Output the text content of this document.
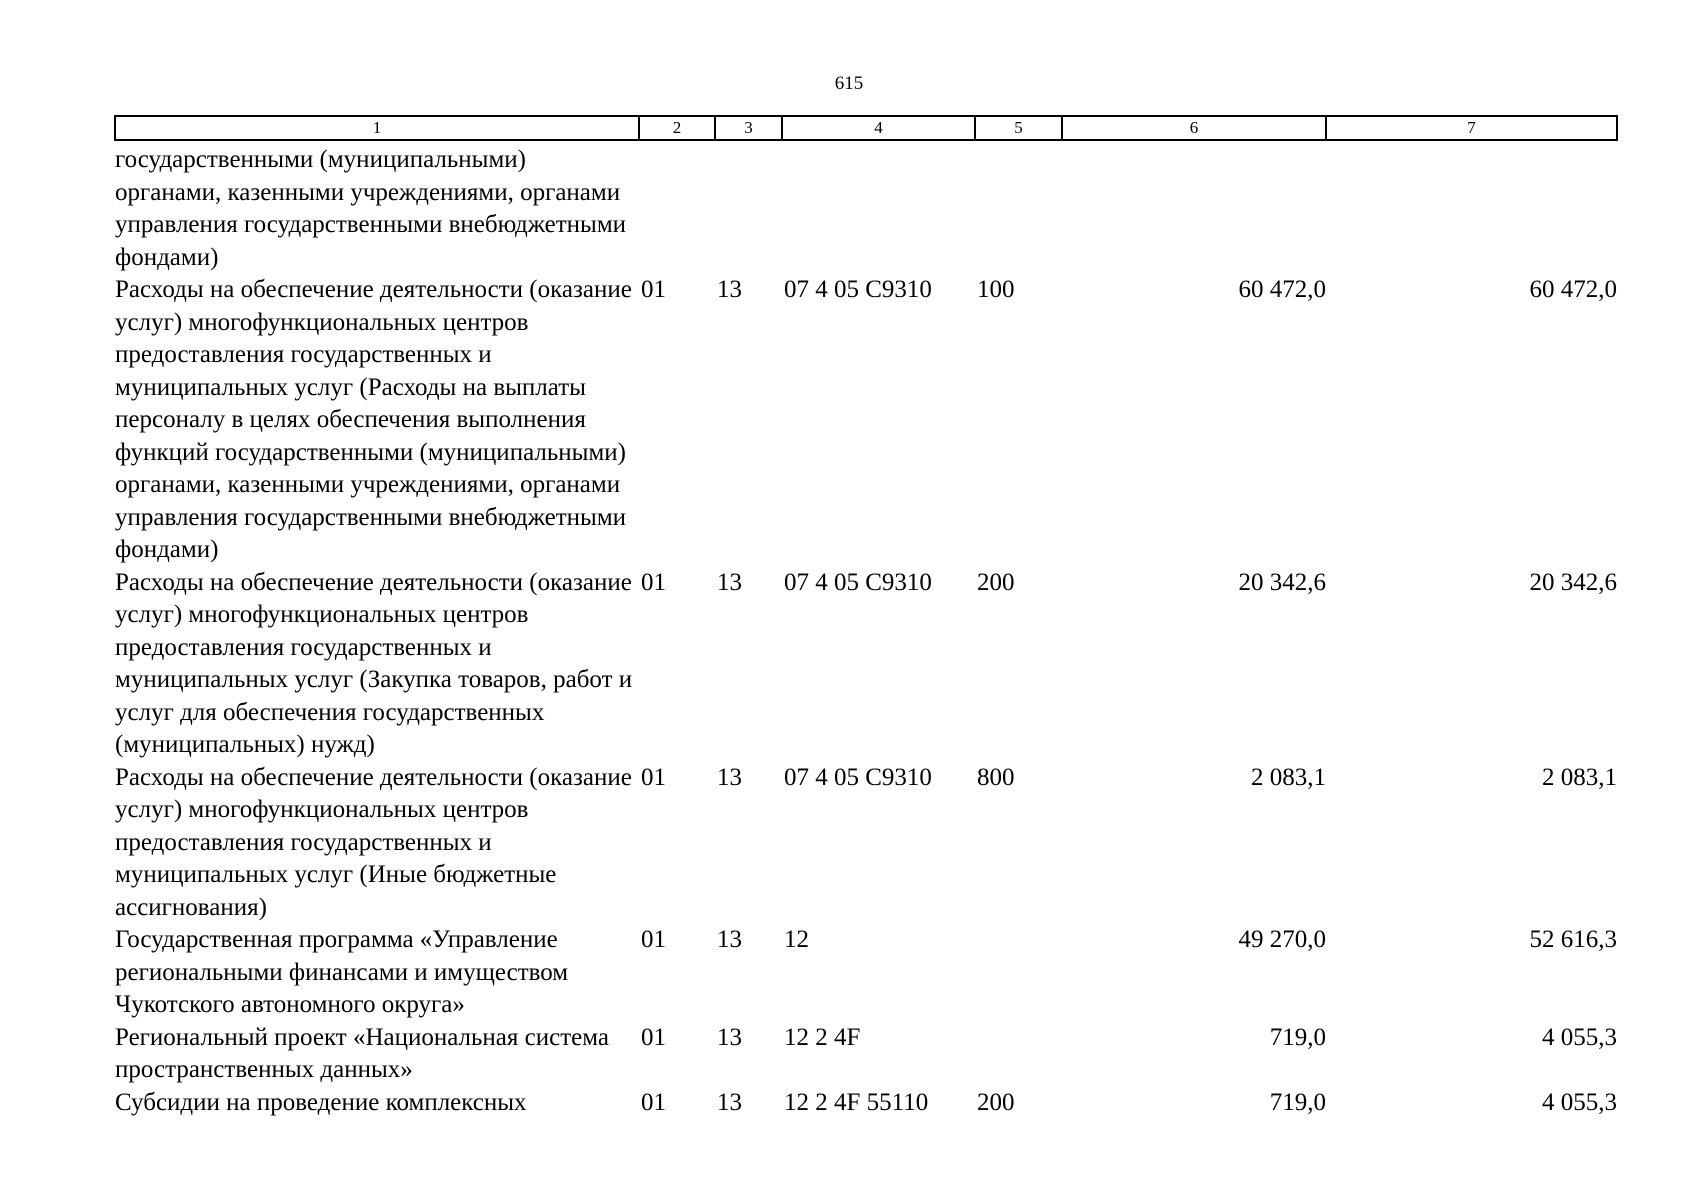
615
1	2	3	4	5	6	7
государственными (муниципальными) органами, казенными учреждениями, органами управления государственными внебюджетными фондами)						
Расходы на обеспечение деятельности (оказание услуг) многофункциональных центров предоставления государственных и муниципальных услуг (Расходы на выплаты персоналу в целях обеспечения выполнения функций государственными (муниципальными) органами, казенными учреждениями, органами управления государственными внебюджетными фондами)	01	13	07 4 05 С9310	100	60 472,0	60 472,0
Расходы на обеспечение деятельности (оказание услуг) многофункциональных центров предоставления государственных и муниципальных услуг (Закупка товаров, работ и услуг для обеспечения государственных (муниципальных) нужд)	01	13	07 4 05 С9310	200	20 342,6	20 342,6
Расходы на обеспечение деятельности (оказание услуг) многофункциональных центров предоставления государственных и муниципальных услуг (Иные бюджетные ассигнования)	01	13	07 4 05 С9310	800	2 083,1	2 083,1
Государственная программа «Управление региональными финансами и имуществом Чукотского автономного округа»	01	13	12		49 270,0	52 616,3
Региональный проект «Национальная система пространственных данных»	01	13	12 2 4F		719,0	4 055,3
Субсидии на проведение комплексных	01	13	12 2 4F 55110	200	719,0	4 055,3
